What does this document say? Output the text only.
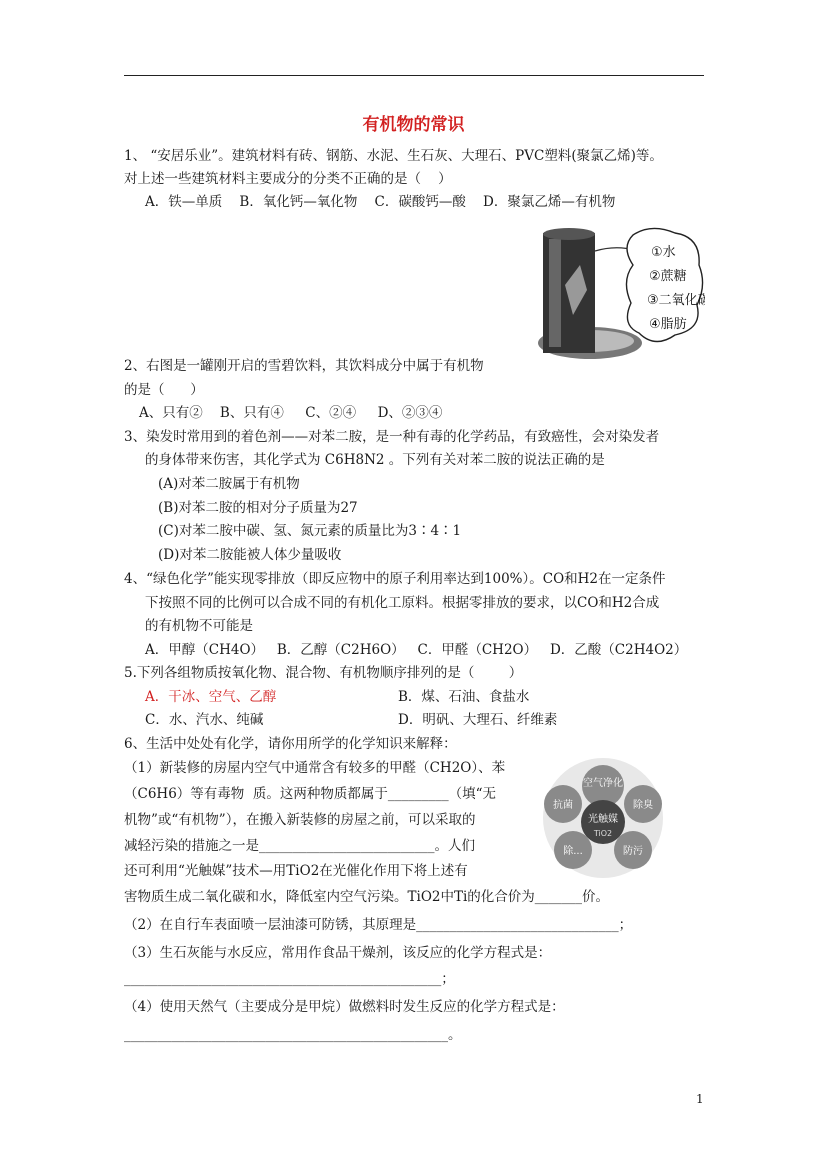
有机物的常识
1、 “安居乐业”。建筑材料有砖、钢筋、水泥、生石灰、大理石、PVC塑料(聚氯乙烯)等。
对上述一些建筑材料主要成分的分类不正确的是（    ）
A．铁—单质    B．氧化钙—氧化物    C．碳酸钙—酸    D．聚氯乙烯—有机物
①水
②蔗糖
③二氧化碳
④脂肪
2、右图是一罐刚开启的雪碧饮料，其饮料成分中属于有机物
的是（      ）
A、只有②    B、只有④     C、②④     D、②③④
3、染发时常用到的着色剂——对苯二胺，是一种有毒的化学药品，有致癌性，会对染发者
的身体带来伤害，其化学式为 C6H8N2 。下列有关对苯二胺的说法正确的是
(A)对苯二胺属于有机物
(B)对苯二胺的相对分子质量为27
(C)对苯二胺中碳、氢、氮元素的质量比为3∶4∶1
(D)对苯二胺能被人体少量吸收
4、“绿色化学”能实现零排放（即反应物中的原子利用率达到100%）。CO和H2在一定条件
下按照不同的比例可以合成不同的有机化工原料。根据零排放的要求，以CO和H2合成
的有机物不可能是
A．甲醇（CH4O）   B．乙醇（C2H6O）   C．甲醛（CH2O）   D．乙酸（C2H4O2）
5.下列各组物质按氧化物、混合物、有机物顺序排列的是（        ）
A．干冰、空气、乙醇	B．煤、石油、食盐水
C．水、汽水、纯碱	D．明矾、大理石、纤维素
6、生活中处处有化学，请你用所学的化学知识来解释：
（1）新装修的房屋内空气中通常含有较多的甲醛（CH2O）、苯
（C6H6）等有毒物  质。这两种物质都属于_________（填“无
机物”或“有机物”），在搬入新装修的房屋之前，可以采取的
减轻污染的措施之一是__________________________。人们
还可利用“光触媒”技术—用TiO2在光催化作用下将上述有
害物质生成二氧化碳和水，降低室内空气污染。TiO2中Ti的化合价为_______价。
（2）在自行车表面喷一层油漆可防锈，其原理是______________________________；
（3）生石灰能与水反应，常用作食品干燥剂，该反应的化学方程式是：
_______________________________________________；
（4）使用天然气（主要成分是甲烷）做燃料时发生反应的化学方程式是：
________________________________________________。
空气净化
抗菌	除臭
光触媒
TiO2
除...	防污
1
